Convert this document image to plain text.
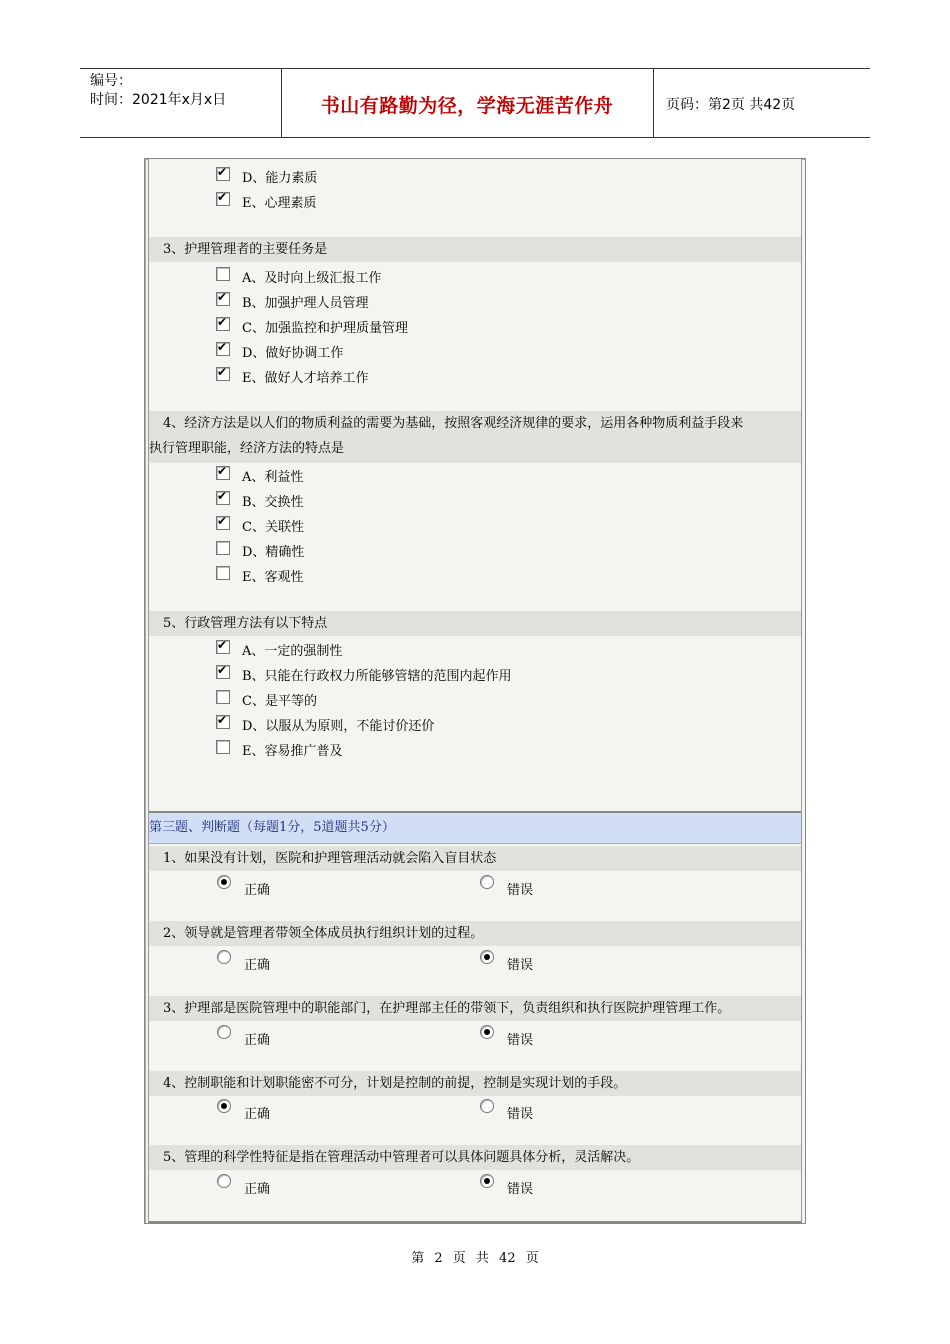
编号：
时间：2021年x月x日	书山有路勤为径，学海无涯苦作舟	页码：第2页 共42页
✔ D、能力素质
✔ E、心理素质
3、护理管理者的主要任务是
A、及时向上级汇报工作
✔ B、加强护理人员管理
✔ C、加强监控和护理质量管理
✔ D、做好协调工作
✔ E、做好人才培养工作
4、经济方法是以人们的物质利益的需要为基础，按照客观经济规律的要求，运用各种物质利益手段来
执行管理职能，经济方法的特点是
✔ A、利益性
✔ B、交换性
✔ C、关联性
D、精确性
E、客观性
5、行政管理方法有以下特点
✔ A、一定的强制性
✔ B、只能在行政权力所能够管辖的范围内起作用
C、是平等的
✔ D、以服从为原则，不能讨价还价
E、容易推广普及
第三题、判断题（每题1分，5道题共5分）
1、如果没有计划，医院和护理管理活动就会陷入盲目状态
正确	错误
2、领导就是管理者带领全体成员执行组织计划的过程。
正确	错误
3、护理部是医院管理中的职能部门，在护理部主任的带领下，负责组织和执行医院护理管理工作。
正确	错误
4、控制职能和计划职能密不可分，计划是控制的前提，控制是实现计划的手段。
正确	错误
5、管理的科学性特征是指在管理活动中管理者可以具体问题具体分析，灵活解决。
正确	错误
第 2 页 共 42 页
